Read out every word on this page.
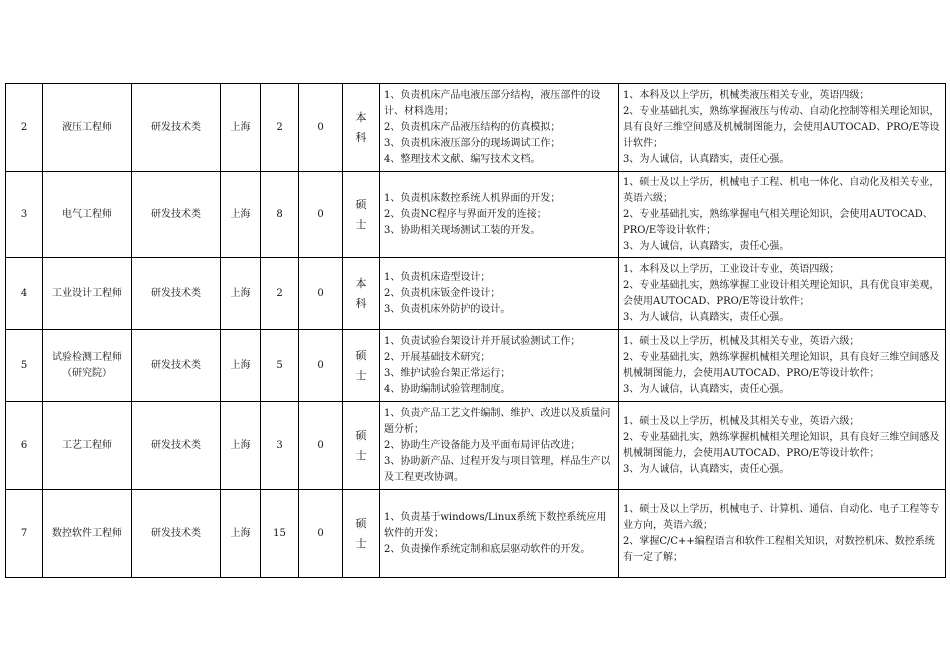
2	液压工程师	研发技术类	上海	2	0	本科	1、负责机床产品电液压部分结构，液压部件的设计、材料选用；
2、负责机床产品液压结构的仿真模拟；
3、负责机床液压部分的现场调试工作；
4、整理技术文献、编写技术文档。	1、本科及以上学历，机械类液压相关专业，英语四级；
2、专业基础扎实，熟练掌握液压与传动、自动化控制等相关理论知识，具有良好三维空间感及机械制图能力，会使用AUTOCAD、PRO/E等设计软件；
3、为人诚信，认真踏实，责任心强。

3	电气工程师	研发技术类	上海	8	0	硕士	1、负责机床数控系统人机界面的开发；
2、负责NC程序与界面开发的连接；
3、协助相关现场测试工装的开发。	1、硕士及以上学历，机械电子工程、机电一体化、自动化及相关专业，英语六级；
2、专业基础扎实，熟练掌握电气相关理论知识，会使用AUTOCAD、PRO/E等设计软件；
3、为人诚信，认真踏实，责任心强。

4	工业设计工程师	研发技术类	上海	2	0	本科	1、负责机床造型设计；
2、负责机床钣金件设计；
3、负责机床外防护的设计。	1、本科及以上学历，工业设计专业，英语四级；
2、专业基础扎实，熟练掌握工业设计相关理论知识，具有优良审美观，会使用AUTOCAD、PRO/E等设计软件；
3、为人诚信，认真踏实，责任心强。

5	试验检测工程师
（研究院）	研发技术类	上海	5	0	硕士	1、负责试验台架设计并开展试验测试工作；
2、开展基础技术研究；
3、维护试验台架正常运行；
4、协助编制试验管理制度。	1、硕士及以上学历，机械及其相关专业，英语六级；
2、专业基础扎实，熟练掌握机械相关理论知识，具有良好三维空间感及机械制图能力，会使用AUTOCAD、PRO/E等设计软件；
3、为人诚信，认真踏实，责任心强。

6	工艺工程师	研发技术类	上海	3	0	硕士	1、负责产品工艺文件编制、维护、改进以及质量问题分析；
2、协助生产设备能力及平面布局评估改进；
3、协助新产品、过程开发与项目管理，样品生产以及工程更改协调。	1、硕士及以上学历，机械及其相关专业，英语六级；
2、专业基础扎实，熟练掌握机械相关理论知识，具有良好三维空间感及机械制图能力，会使用AUTOCAD、PRO/E等设计软件；
3、为人诚信，认真踏实，责任心强。

7	数控软件工程师	研发技术类	上海	15	0	硕士	1、负责基于windows/Linux系统下数控系统应用软件的开发；
2、负责操作系统定制和底层驱动软件的开发。	1、硕士及以上学历，机械电子、计算机、通信、自动化、电子工程等专业方向，英语六级；
2、掌握C/C++编程语言和软件工程相关知识，对数控机床、数控系统有一定了解；
